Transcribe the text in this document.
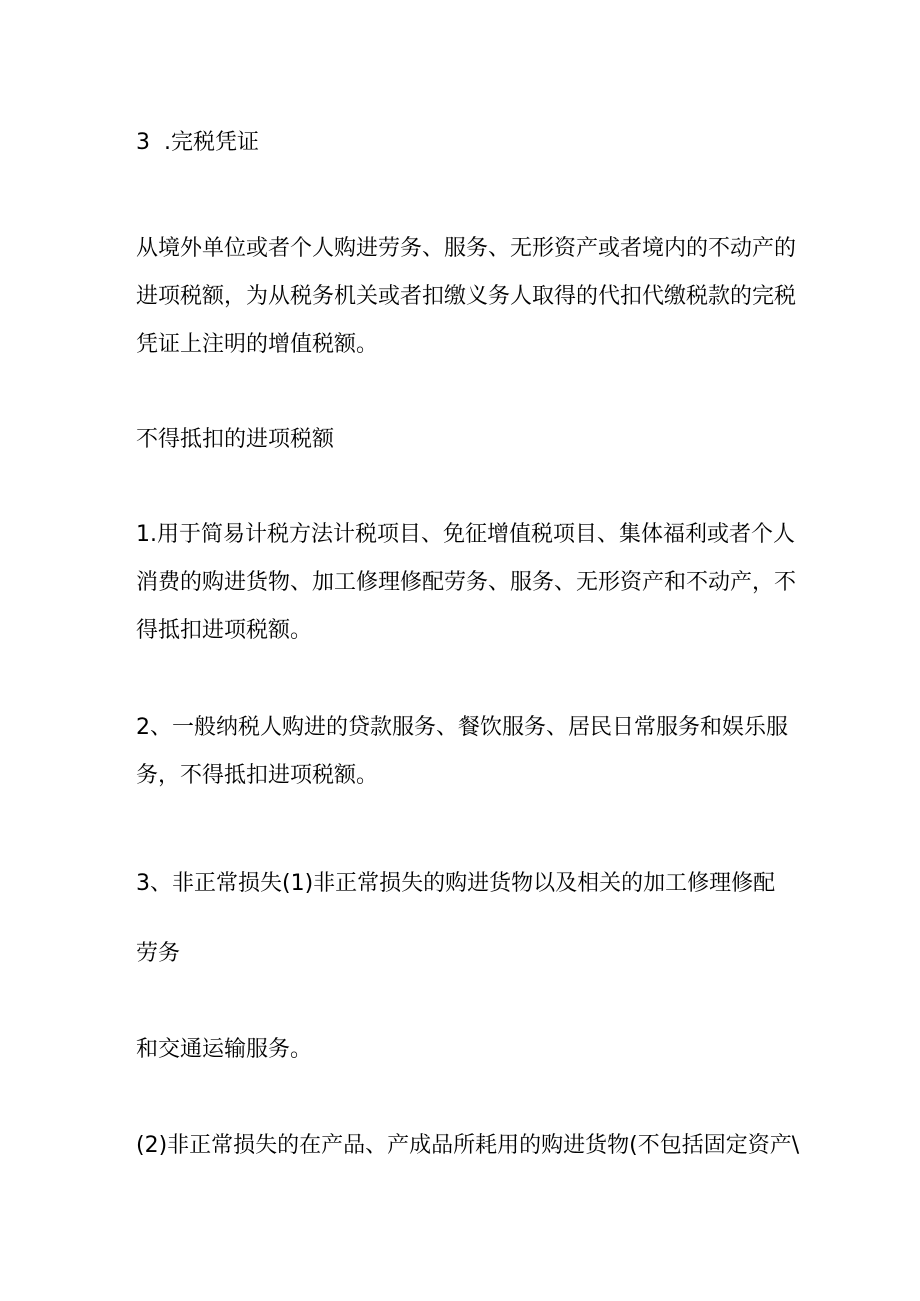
3  .完税凭证

从境外单位或者个人购进劳务、服务、无形资产或者境内的不动产的进项税额，为从税务机关或者扣缴义务人取得的代扣代缴税款的完税凭证上注明的增值税额。

不得抵扣的进项税额

1.用于简易计税方法计税项目、免征增值税项目、集体福利或者个人消费的购进货物、加工修理修配劳务、服务、无形资产和不动产，不得抵扣进项税额。

2、一般纳税人购进的贷款服务、餐饮服务、居民日常服务和娱乐服务，不得抵扣进项税额。

3、非正常损失(1)非正常损失的购进货物以及相关的加工修理修配劳务

和交通运输服务。

(2)非正常损失的在产品、产成品所耗用的购进货物(不包括固定资产\
